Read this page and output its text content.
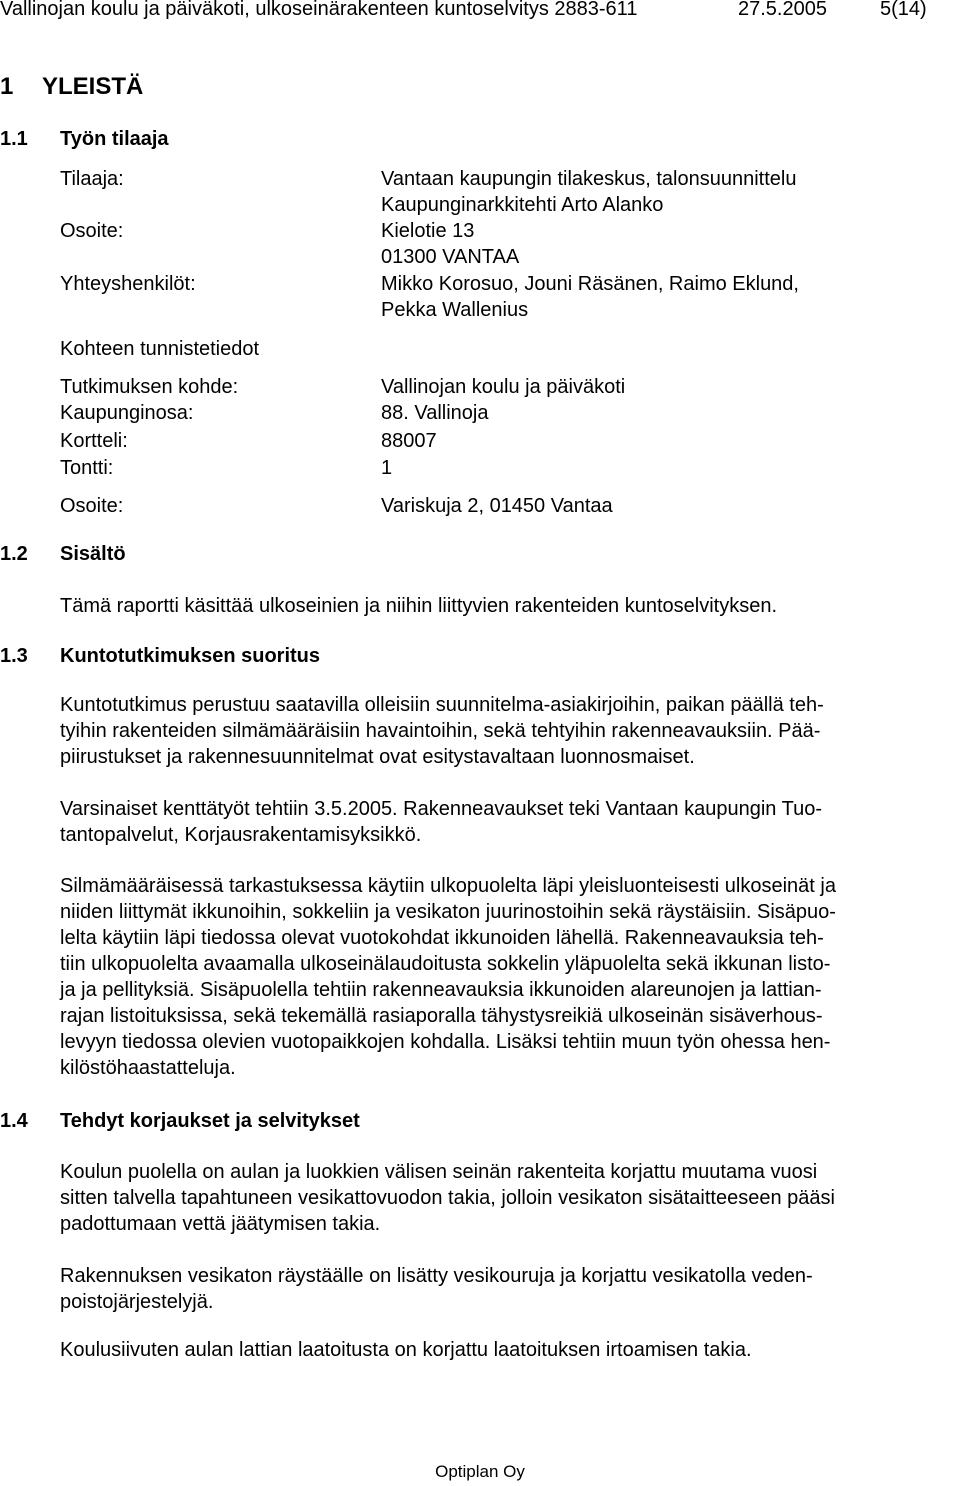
Vallinojan koulu ja päiväkoti, ulkoseinärakenteen kuntoselvitys 2883-611	27.5.2005	5(14)
1 YLEISTÄ
1.1 Työn tilaaja
Tilaaja:	Vantaan kaupungin tilakeskus, talonsuunnittelu
Kaupunginarkkitehti Arto Alanko
Osoite:	Kielotie 13
01300 VANTAA
Yhteyshenkilöt:	Mikko Korosuo, Jouni Räsänen, Raimo Eklund,
Pekka Wallenius
Kohteen tunnistetiedot
Tutkimuksen kohde:	Vallinojan koulu ja päiväkoti
Kaupunginosa:	88. Vallinoja
Kortteli:	88007
Tontti:	1
Osoite:	Variskuja 2, 01450 Vantaa
1.2 Sisältö
Tämä raportti käsittää ulkoseinien ja niihin liittyvien rakenteiden kuntoselvityksen.
1.3 Kuntotutkimuksen suoritus
Kuntotutkimus perustuu saatavilla olleisiin suunnitelma-asiakirjoihin, paikan päällä teh-
tyihin rakenteiden silmämääräisiin havaintoihin, sekä tehtyihin rakenneavauksiin. Pää-
piirustukset ja rakennesuunnitelmat ovat esitystavaltaan luonnosmaiset.
Varsinaiset kenttätyöt tehtiin 3.5.2005. Rakenneavaukset teki Vantaan kaupungin Tuo-
tantopalvelut, Korjausrakentamisyksikkö.
Silmämääräisessä tarkastuksessa käytiin ulkopuolelta läpi yleisluonteisesti ulkoseinät ja
niiden liittymät ikkunoihin, sokkeliin ja vesikaton juurinostoihin sekä räystäisiin. Sisäpuo-
lelta käytiin läpi tiedossa olevat vuotokohdat ikkunoiden lähellä. Rakenneavauksia teh-
tiin ulkopuolelta avaamalla ulkoseinälaudoitusta sokkelin yläpuolelta sekä ikkunan listo-
ja ja pellityksiä. Sisäpuolella tehtiin rakenneavauksia ikkunoiden alareunojen ja lattian-
rajan listoituksissa, sekä tekemällä rasiaporalla tähystysreikiä ulkoseinän sisäverhous-
levyyn tiedossa olevien vuotopaikkojen kohdalla. Lisäksi tehtiin muun työn ohessa hen-
kilöstöhaastatteluja.
1.4 Tehdyt korjaukset ja selvitykset
Koulun puolella on aulan ja luokkien välisen seinän rakenteita korjattu muutama vuosi
sitten talvella tapahtuneen vesikattovuodon takia, jolloin vesikaton sisätaitteeseen pääsi
padottumaan vettä jäätymisen takia.
Rakennuksen vesikaton räystäälle on lisätty vesikouruja ja korjattu vesikatolla veden-
poistojärjestelyjä.
Koulusiivuten aulan lattian laatoitusta on korjattu laatoituksen irtoamisen takia.
Optiplan Oy
